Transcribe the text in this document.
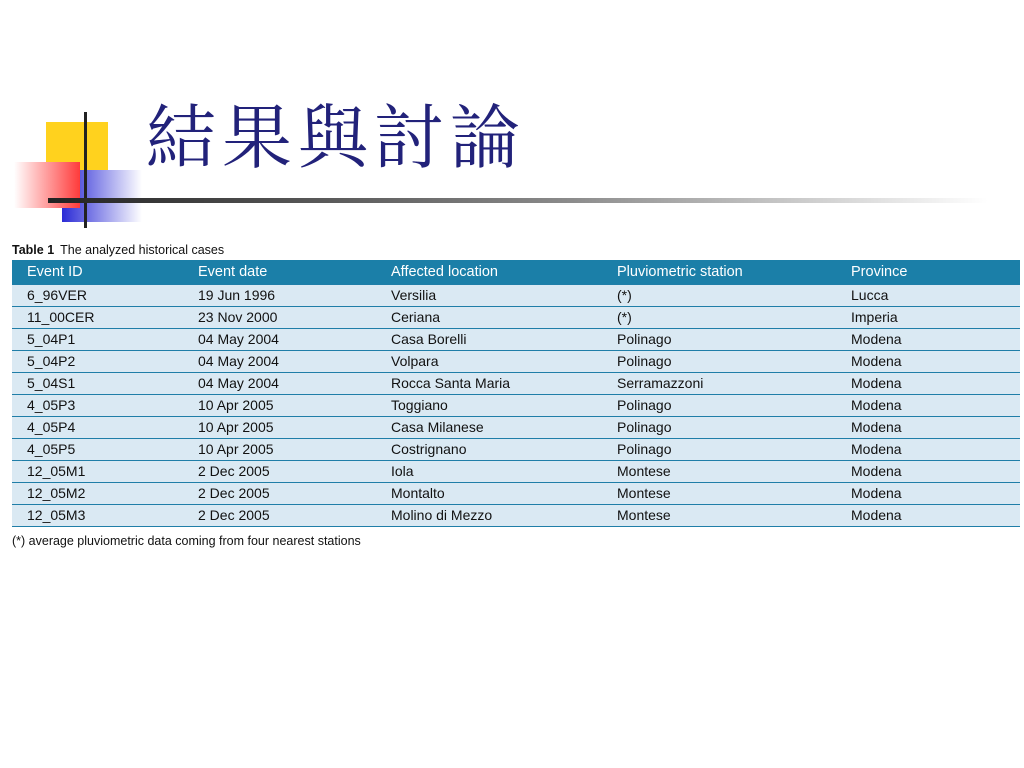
結果與討論
Table 1 The analyzed historical cases
Event ID	Event date	Affected location	Pluviometric station	Province
6_96VER	19 Jun 1996	Versilia	(*)	Lucca
11_00CER	23 Nov 2000	Ceriana	(*)	Imperia
5_04P1	04 May 2004	Casa Borelli	Polinago	Modena
5_04P2	04 May 2004	Volpara	Polinago	Modena
5_04S1	04 May 2004	Rocca Santa Maria	Serramazzoni	Modena
4_05P3	10 Apr 2005	Toggiano	Polinago	Modena
4_05P4	10 Apr 2005	Casa Milanese	Polinago	Modena
4_05P5	10 Apr 2005	Costrignano	Polinago	Modena
12_05M1	2 Dec 2005	Iola	Montese	Modena
12_05M2	2 Dec 2005	Montalto	Montese	Modena
12_05M3	2 Dec 2005	Molino di Mezzo	Montese	Modena
(*) average pluviometric data coming from four nearest stations
